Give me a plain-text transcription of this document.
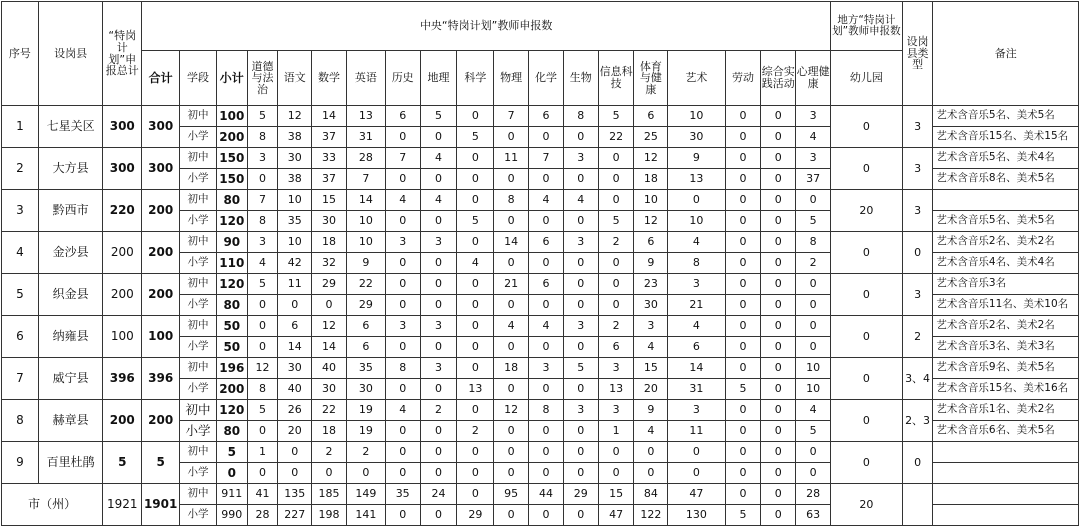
序号	设岗县	“特岗计划”申报总计	中央“特岗计划”教师申报数																			地方“特岗计划”教师申报数	设岗县类型	备注
			合计	学段	小计	道德与法治	语文	数学	英语	历史	地理	科学	物理	化学	生物	信息科技	体育与健康	艺术	劳动	综合实践活动	心理健康	幼儿园		
1	七星关区	300	300	初中	100	5	12	14	13	6	5	0	7	6	8	5	6	10	0	0	3	0	3	艺术含音乐5名、美术5名
				小学	200	8	38	37	31	0	0	5	0	0	0	22	25	30	0	0	4			艺术含音乐15名、美术15名
2	大方县	300	300	初中	150	3	30	33	28	7	4	0	11	7	3	0	12	9	0	0	3	0	3	艺术含音乐5名、美术4名
				小学	150	0	38	37	7	0	0	0	0	0	0	0	18	13	0	0	37			艺术含音乐8名、美术5名
3	黔西市	220	200	初中	80	7	10	15	14	4	4	0	8	4	4	0	10	0	0	0	0	20	3	
				小学	120	8	35	30	10	0	0	5	0	0	0	5	12	10	0	0	5			艺术含音乐5名、美术5名
4	金沙县	200	200	初中	90	3	10	18	10	3	3	0	14	6	3	2	6	4	0	0	8	0	0	艺术含音乐2名、美术2名
				小学	110	4	42	32	9	0	0	4	0	0	0	0	9	8	0	0	2			艺术含音乐4名、美术4名
5	织金县	200	200	初中	120	5	11	29	22	0	0	0	21	6	0	0	23	3	0	0	0	0	3	艺术含音乐3名
				小学	80	0	0	0	29	0	0	0	0	0	0	0	30	21	0	0	0			艺术含音乐11名、美术10名
6	纳雍县	100	100	初中	50	0	6	12	6	3	3	0	4	4	3	2	3	4	0	0	0	0	2	艺术含音乐2名、美术2名
				小学	50	0	14	14	6	0	0	0	0	0	0	6	4	6	0	0	0			艺术含音乐3名、美术3名
7	威宁县	396	396	初中	196	12	30	40	35	8	3	0	18	3	5	3	15	14	0	0	10	0	3、4	艺术含音乐9名、美术5名
				小学	200	8	40	30	30	0	0	13	0	0	0	13	20	31	5	0	10			艺术含音乐15名、美术16名
8	赫章县	200	200	初中	120	5	26	22	19	4	2	0	12	8	3	3	9	3	0	0	4	0	2、3	艺术含音乐1名、美术2名
				小学	80	0	20	18	19	0	0	2	0	0	0	1	4	11	0	0	5			艺术含音乐6名、美术5名
9	百里杜鹃	5	5	初中	5	1	0	2	2	0	0	0	0	0	0	0	0	0	0	0	0	0	0	
				小学	0	0	0	0	0	0	0	0	0	0	0	0	0	0	0	0	0			
市（州）		1921	1901	初中	911	41	135	185	149	35	24	0	95	44	29	15	84	47	0	0	28	20		
				小学	990	28	227	198	141	0	0	29	0	0	0	47	122	130	5	0	63			
